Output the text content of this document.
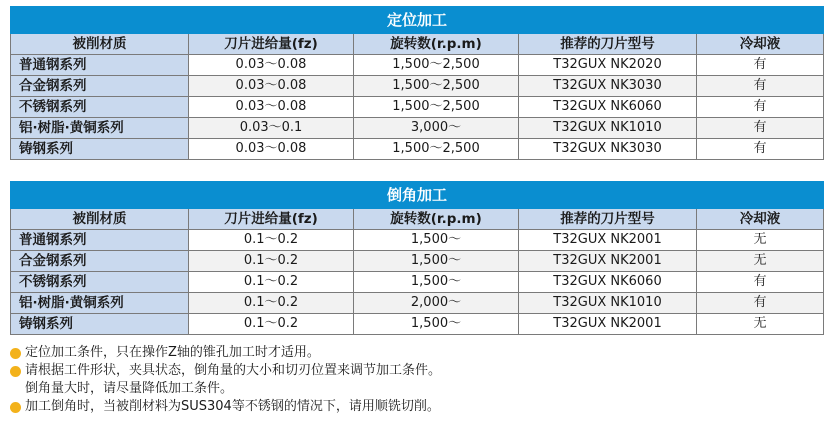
定位加工				
被削材质	刀片进给量(fz)	旋转数(r.p.m)	推荐的刀片型号	冷却液
普通钢系列	0.03～0.08	1,500～2,500	T32GUX NK2020	有
合金钢系列	0.03～0.08	1,500～2,500	T32GUX NK3030	有
不锈钢系列	0.03～0.08	1,500～2,500	T32GUX NK6060	有
铝·树脂·黄铜系列	0.03～0.1	3,000～	T32GUX NK1010	有
铸钢系列	0.03～0.08	1,500～2,500	T32GUX NK3030	有
倒角加工				
被削材质	刀片进给量(fz)	旋转数(r.p.m)	推荐的刀片型号	冷却液
普通钢系列	0.1～0.2	1,500～	T32GUX NK2001	无
合金钢系列	0.1～0.2	1,500～	T32GUX NK2001	无
不锈钢系列	0.1～0.2	1,500～	T32GUX NK6060	有
铝·树脂·黄铜系列	0.1～0.2	2,000～	T32GUX NK1010	有
铸钢系列	0.1～0.2	1,500～	T32GUX NK2001	无
定位加工条件，只在操作Z轴的锥孔加工时才适用。
请根据工件形状，夹具状态，倒角量的大小和切刃位置来调节加工条件。
倒角量大时，请尽量降低加工条件。
加工倒角时，当被削材料为SUS304等不锈钢的情况下，请用顺铣切削。
